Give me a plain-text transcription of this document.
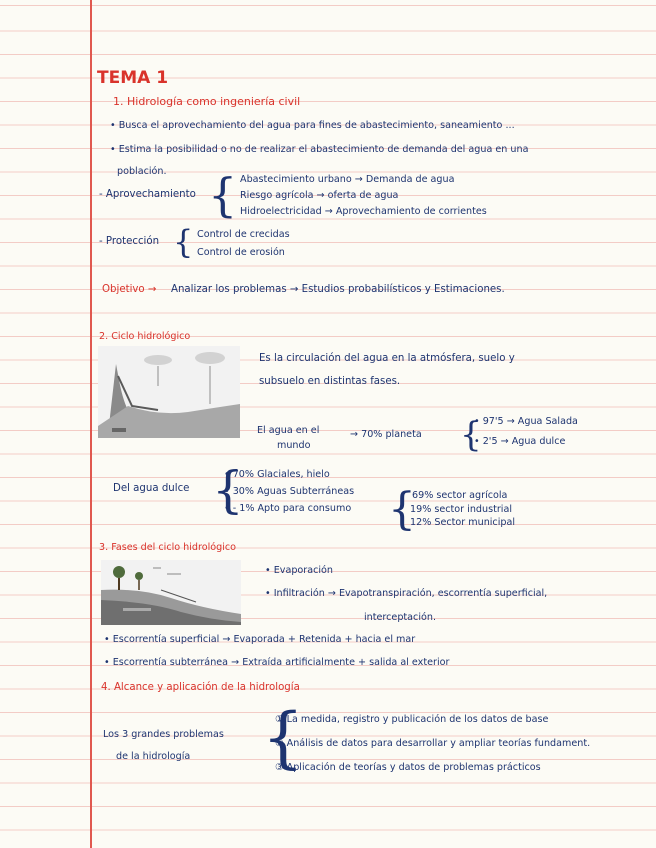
TEMA 1
1. Hidrología como ingeniería civil
• Busca el aprovechamiento del agua para fines de abastecimiento, saneamiento ...
• Estima la posibilidad o no de realizar el abastecimiento de demanda del agua en una
población.
- Aprovechamiento { Abastecimiento urbano → Demanda de agua
Riesgo agrícola → oferta de agua
Hidroelectricidad → Aprovechamiento de corrientes
- Protección { Control de crecidas
Control de erosión
Objetivo → Analizar los problemas → Estudios probabilísticos y Estimaciones.
2. Ciclo hidrológico
Es la circulación del agua en la atmósfera, suelo y
subsuelo en distintas fases.
El agua en el
mundo
→ 70% planeta {
• 97'5 → Agua Salada
• 2'5 → Agua dulce
Del agua dulce {
• 70% Glaciales, hielo
• 30% Aguas Subterráneas
• - 1% Apto para consumo {
69% sector agrícola
19% sector industrial
12% Sector municipal
3. Fases del ciclo hidrológico
• Evaporación
• Infiltración → Evapotranspiración, escorrentía superficial,
interceptación.
• Escorrentía superficial → Evaporada + Retenida + hacia el mar
• Escorrentía subterránea → Extraída artificialmente + salida al exterior
4. Alcance y aplicación de la hidrología
Los 3 grandes problemas
de la hidrología {
① La medida, registro y publicación de los datos de base
② Análisis de datos para desarrollar y ampliar teorías fundament.
③ Aplicación de teorías y datos de problemas prácticos
